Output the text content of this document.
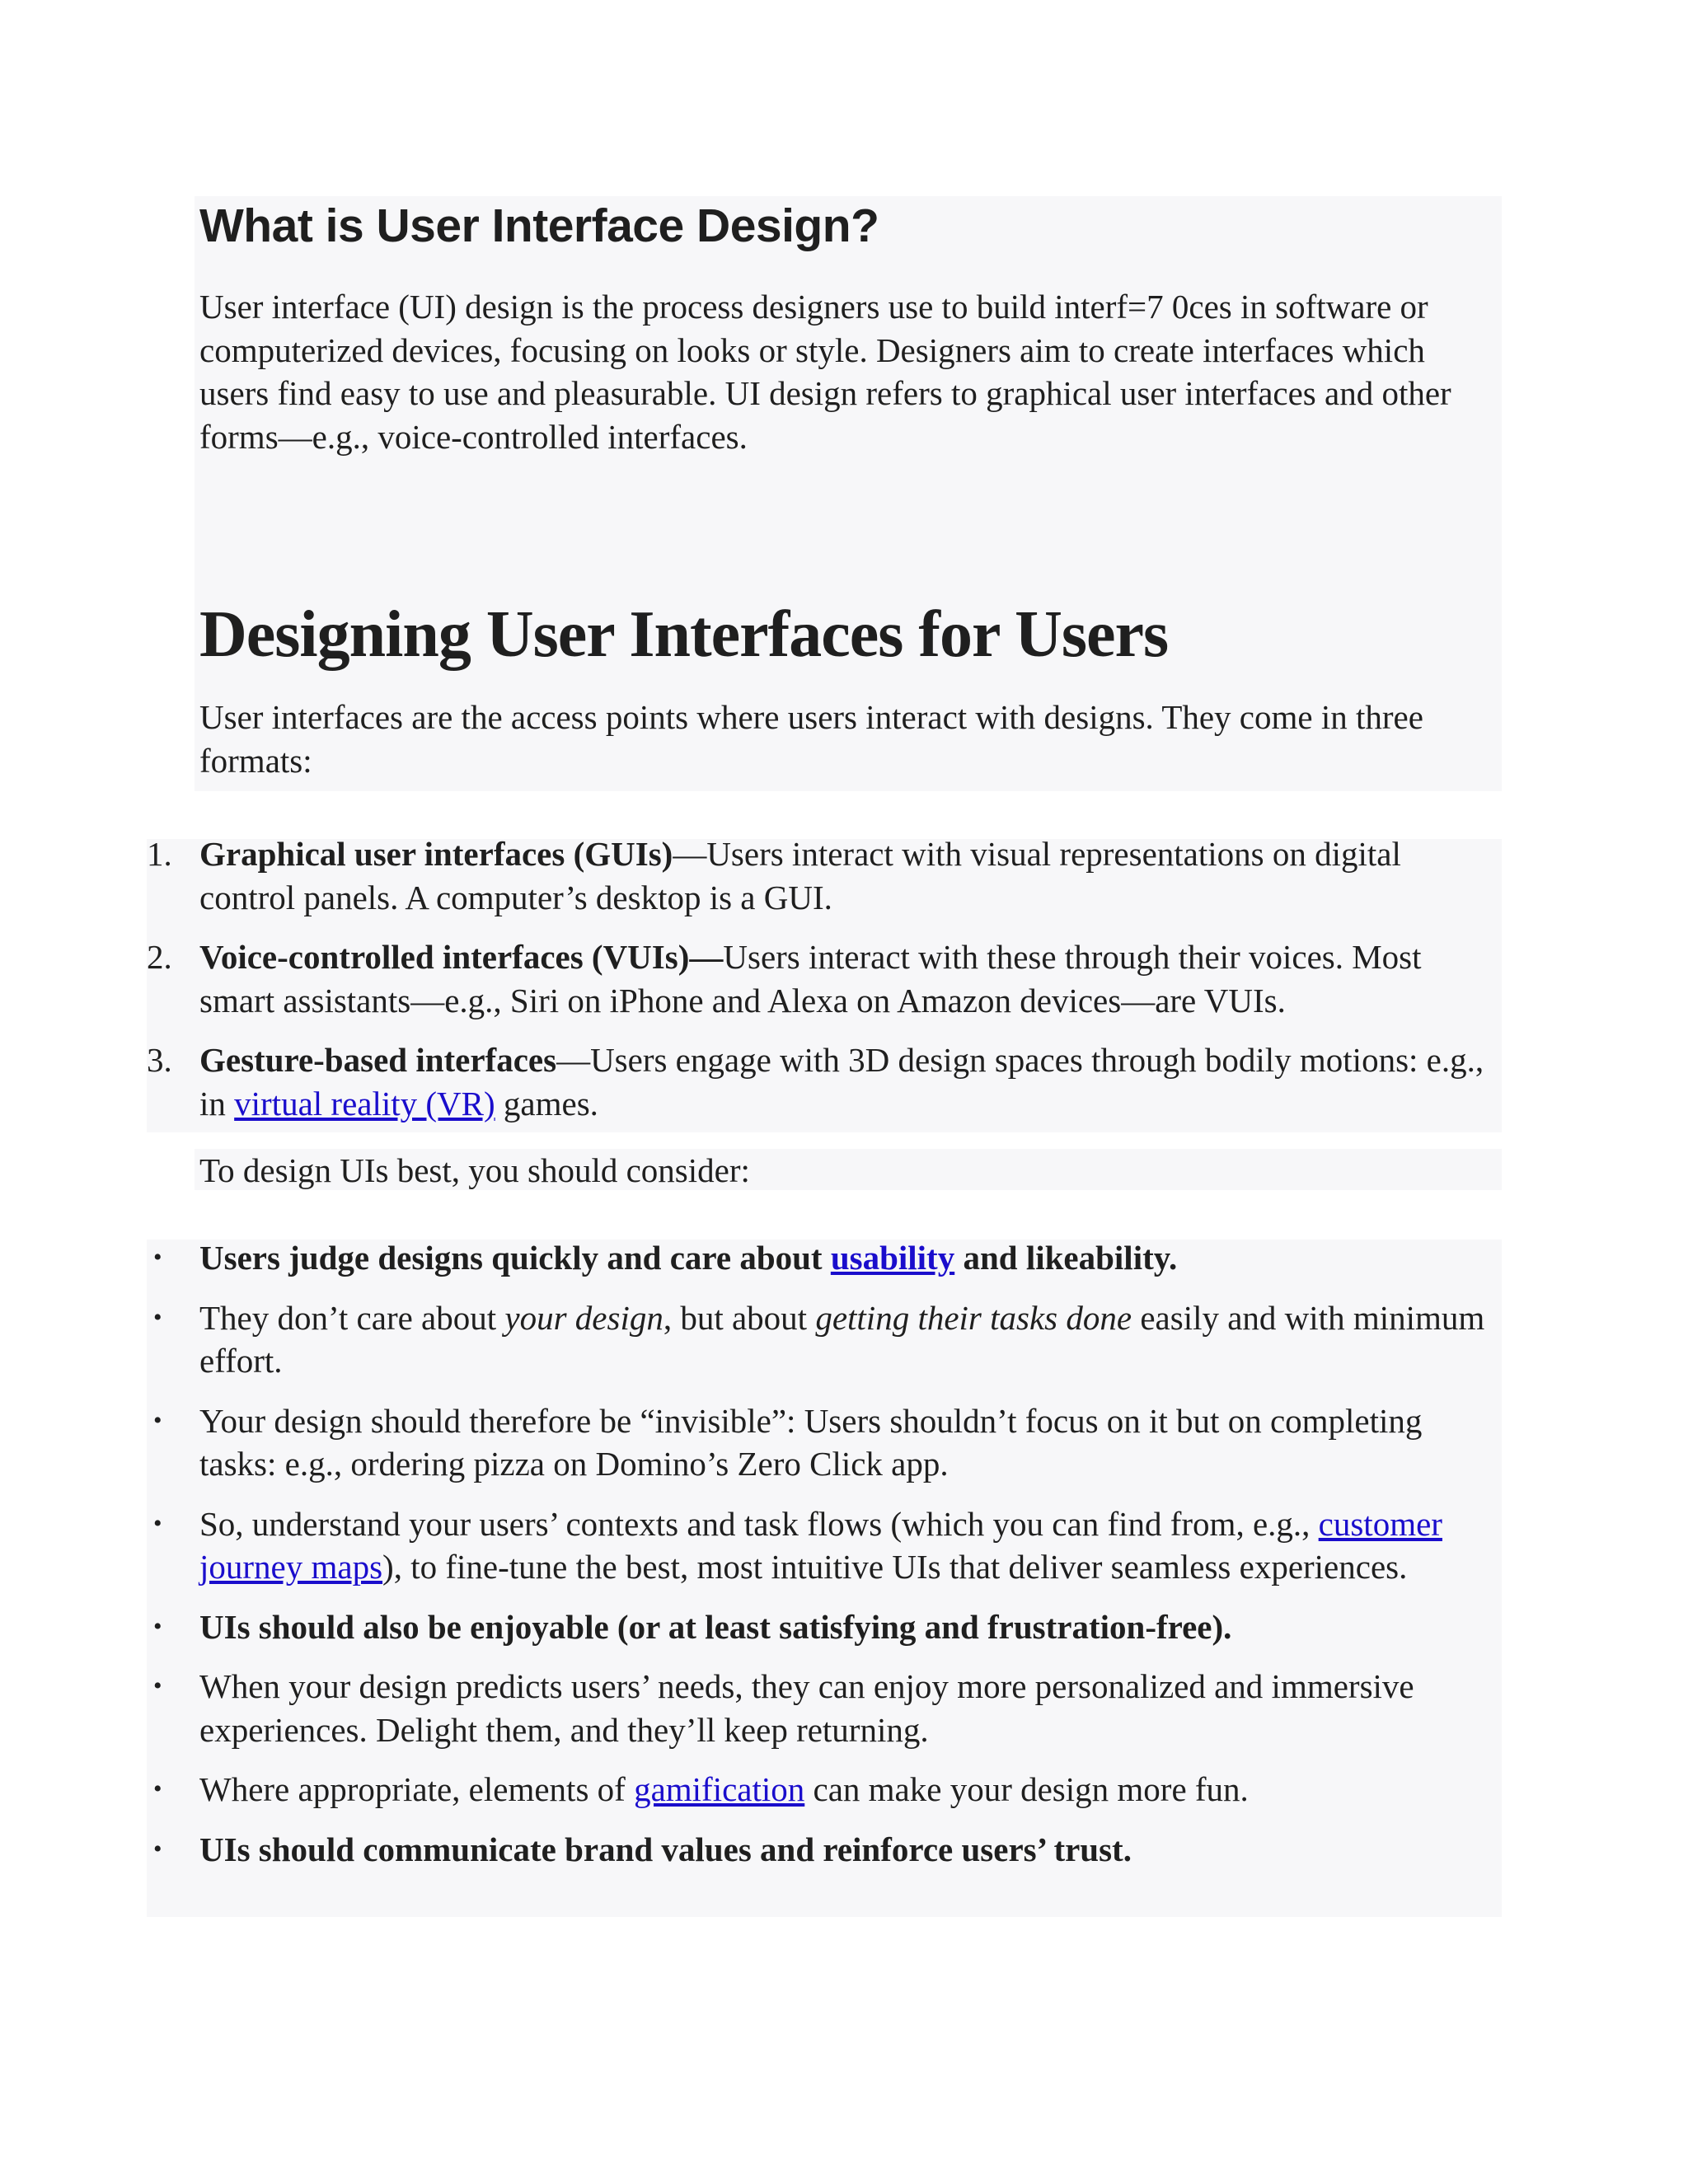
What is User Interface Design?

User interface (UI) design is the process designers use to build interf=7 0ces in software or computerized devices, focusing on looks or style. Designers aim to create interfaces which users find easy to use and pleasurable. UI design refers to graphical user interfaces and other forms—e.g., voice-controlled interfaces.

Designing User Interfaces for Users

User interfaces are the access points where users interact with designs. They come in three formats:

1. Graphical user interfaces (GUIs)—Users interact with visual representations on digital control panels. A computer’s desktop is a GUI.
2. Voice-controlled interfaces (VUIs)—Users interact with these through their voices. Most smart assistants—e.g., Siri on iPhone and Alexa on Amazon devices—are VUIs.
3. Gesture-based interfaces—Users engage with 3D design spaces through bodily motions: e.g., in virtual reality (VR) games.

To design UIs best, you should consider:

• Users judge designs quickly and care about usability and likeability.
• They don’t care about your design, but about getting their tasks done easily and with minimum effort.
• Your design should therefore be “invisible”: Users shouldn’t focus on it but on completing tasks: e.g., ordering pizza on Domino’s Zero Click app.
• So, understand your users’ contexts and task flows (which you can find from, e.g., customer journey maps), to fine-tune the best, most intuitive UIs that deliver seamless experiences.
• UIs should also be enjoyable (or at least satisfying and frustration-free).
• When your design predicts users’ needs, they can enjoy more personalized and immersive experiences. Delight them, and they’ll keep returning.
• Where appropriate, elements of gamification can make your design more fun.
• UIs should communicate brand values and reinforce users’ trust.
